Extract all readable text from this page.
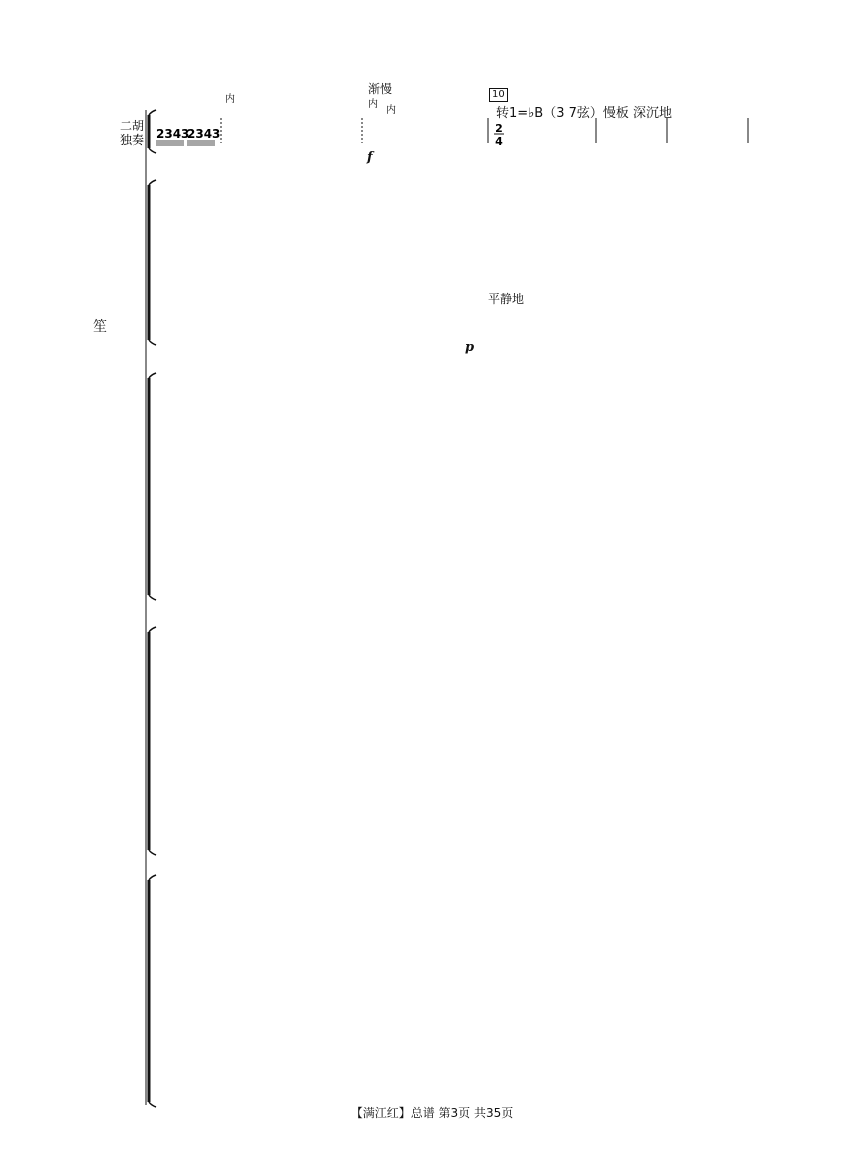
二胡
独奏
2
4
2343
2343
渐慢
内	内
内
10
转1=♭B（3 7弦）慢板 深沉地
平静地
f
p
笙
【满江红】总谱 第3页 共35页
